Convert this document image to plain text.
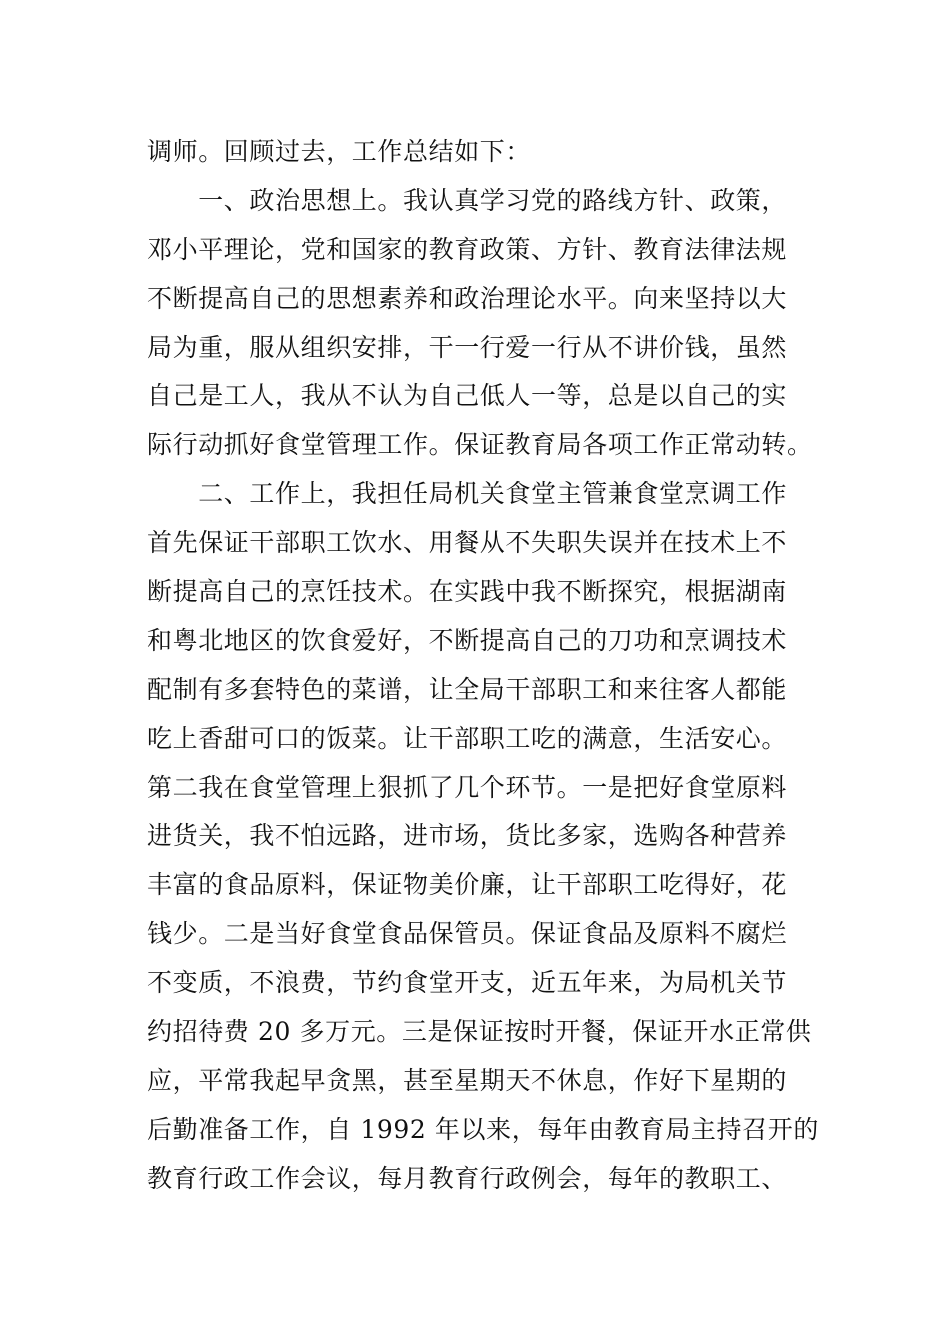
调师。回顾过去，工作总结如下：
　　一、政治思想上。我认真学习党的路线方针、政策，
邓小平理论，党和国家的教育政策、方针、教育法律法规
不断提高自己的思想素养和政治理论水平。向来坚持以大
局为重，服从组织安排，干一行爱一行从不讲价钱，虽然
自己是工人，我从不认为自己低人一等，总是以自己的实
际行动抓好食堂管理工作。保证教育局各项工作正常动转。
　　二、工作上，我担任局机关食堂主管兼食堂烹调工作
首先保证干部职工饮水、用餐从不失职失误并在技术上不
断提高自己的烹饪技术。在实践中我不断探究，根据湖南
和粤北地区的饮食爱好，不断提高自己的刀功和烹调技术
配制有多套特色的菜谱，让全局干部职工和来往客人都能
吃上香甜可口的饭菜。让干部职工吃的满意，生活安心。
第二我在食堂管理上狠抓了几个环节。一是把好食堂原料
进货关，我不怕远路，进市场，货比多家，选购各种营养
丰富的食品原料，保证物美价廉，让干部职工吃得好，花
钱少。二是当好食堂食品保管员。保证食品及原料不腐烂
不变质，不浪费，节约食堂开支，近五年来，为局机关节
约招待费 20 多万元。三是保证按时开餐，保证开水正常供
应，平常我起早贪黑，甚至星期天不休息，作好下星期的
后勤准备工作，自 1992 年以来，每年由教育局主持召开的
教育行政工作会议，每月教育行政例会，每年的教职工、
